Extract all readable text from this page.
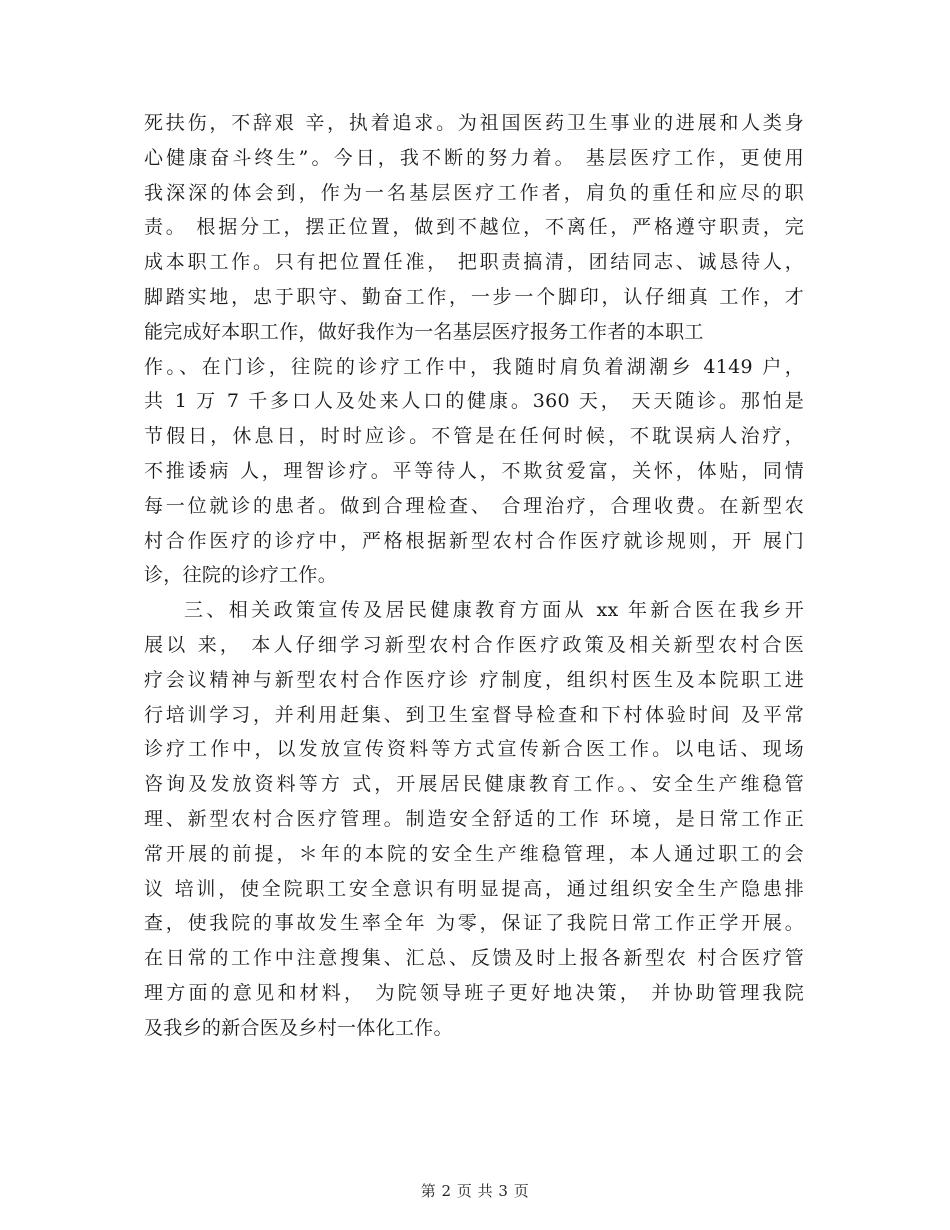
死扶伤，不辞艰 辛，执着追求。为祖国医药卫生事业的进展和人类身
心健康奋斗终生”。今日，我不断的努力着。 基层医疗工作，更使用
我深深的体会到，作为一名基层医疗工作者，肩负的重任和应尽的职
责。 根据分工，摆正位置，做到不越位，不离任，严格遵守职责，完
成本职工作。只有把位置任准， 把职责搞清，团结同志、诚恳待人，
脚踏实地，忠于职守、勤奋工作，一步一个脚印，认仔细真 工作，才
能完成好本职工作，做好我作为一名基层医疗报务工作者的本职工
作。、在门诊，往院的诊疗工作中，我随时肩负着湖潮乡 4149 户，
共 1 万 7 千多口人及处来人口的健康。360 天， 天天随诊。那怕是
节假日，休息日，时时应诊。不管是在任何时候，不耽误病人治疗，
不推诿病 人，理智诊疗。平等待人，不欺贫爱富，关怀，体贴，同情
每一位就诊的患者。做到合理检查、 合理治疗，合理收费。在新型农
村合作医疗的诊疗中，严格根据新型农村合作医疗就诊规则，开 展门
诊，往院的诊疗工作。
三、相关政策宣传及居民健康教育方面从 xx 年新合医在我乡开
展以 来， 本人仔细学习新型农村合作医疗政策及相关新型农村合医
疗会议精神与新型农村合作医疗诊 疗制度，组织村医生及本院职工进
行培训学习，并利用赶集、到卫生室督导检查和下村体验时间 及平常
诊疗工作中，以发放宣传资料等方式宣传新合医工作。以电话、现场
咨询及发放资料等方 式，开展居民健康教育工作。、安全生产维稳管
理、新型农村合医疗管理。制造安全舒适的工作 环境，是日常工作正
常开展的前提，＊年的本院的安全生产维稳管理，本人通过职工的会
议 培训，使全院职工安全意识有明显提高，通过组织安全生产隐患排
查，使我院的事故发生率全年 为零，保证了我院日常工作正学开展。
在日常的工作中注意搜集、汇总、反馈及时上报各新型农 村合医疗管
理方面的意见和材料， 为院领导班子更好地决策， 并协助管理我院
及我乡的新合医及乡村一体化工作。
第 2 页 共 3 页
